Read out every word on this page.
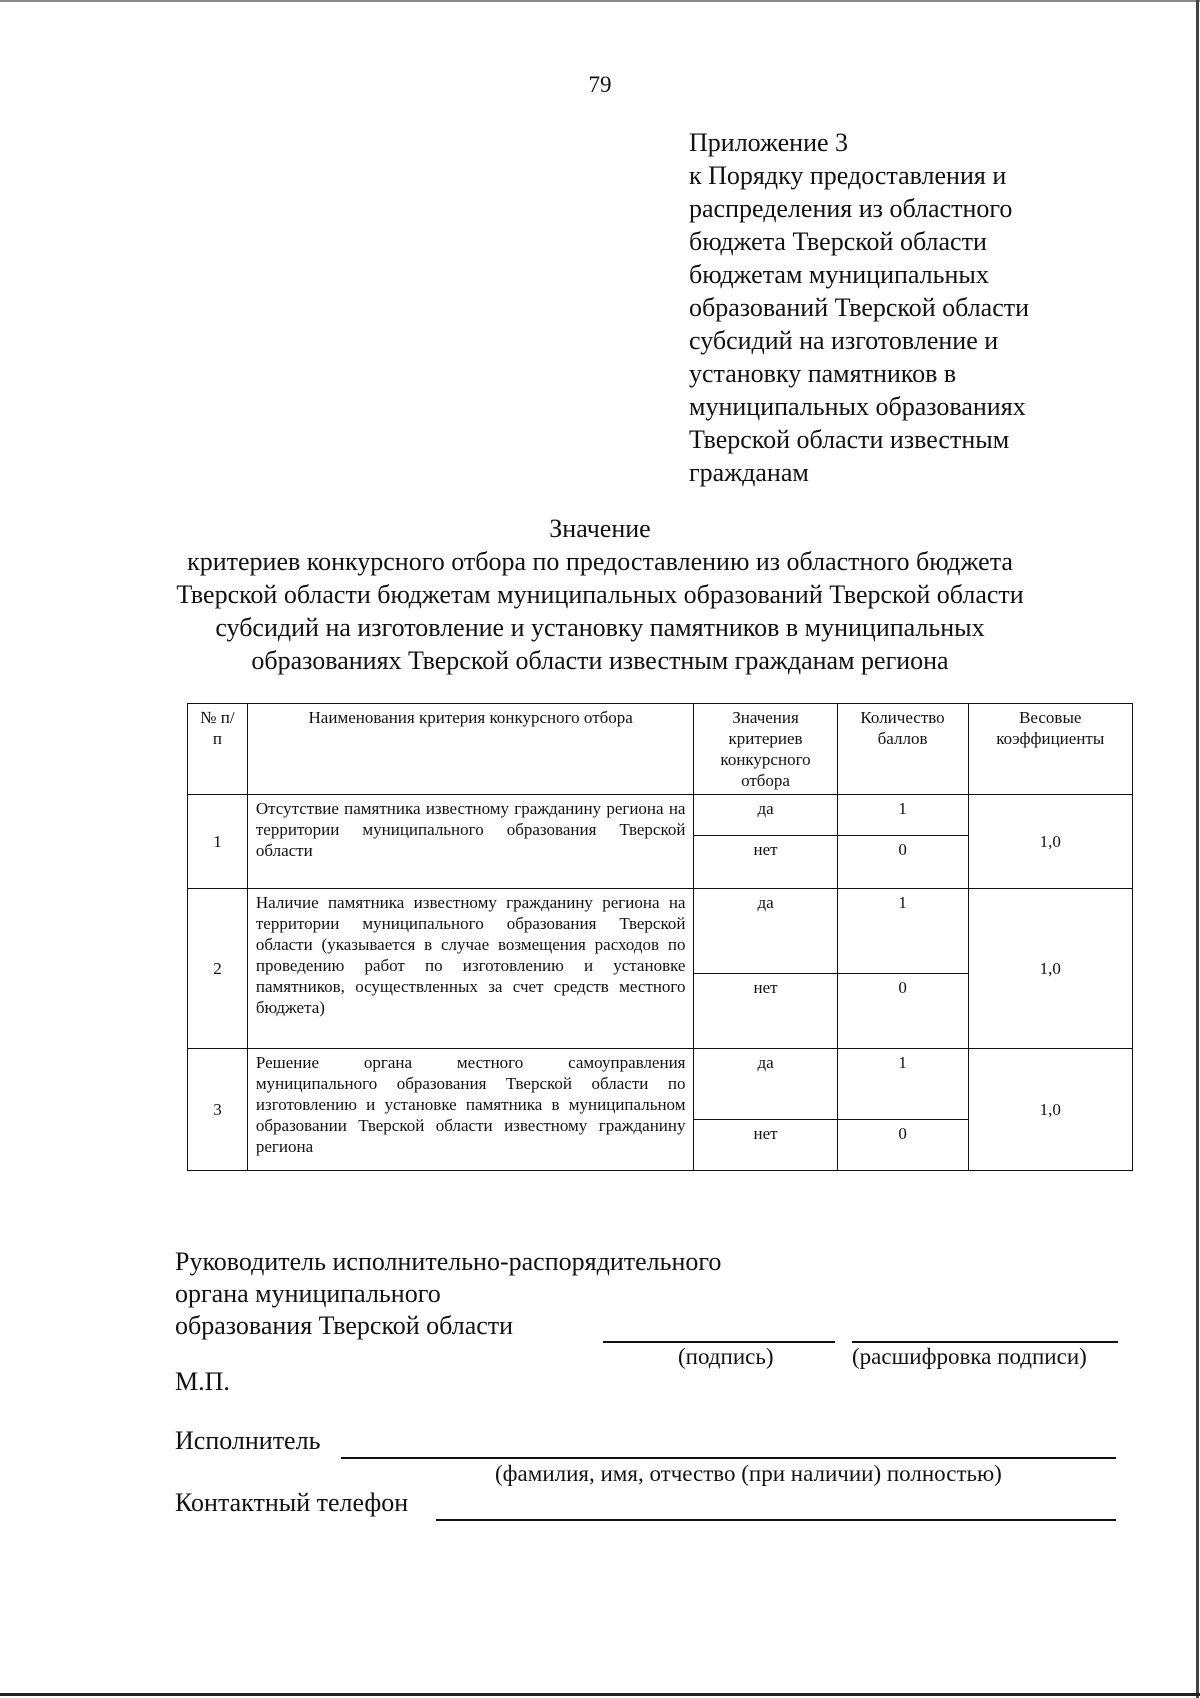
79
Приложение 3
к Порядку предоставления и
распределения из областного
бюджета Тверской области
бюджетам муниципальных
образований Тверской области
субсидий на изготовление и
установку памятников в
муниципальных образованиях
Тверской области известным
гражданам
Значение
критериев конкурсного отбора по предоставлению из областного бюджета
Тверской области бюджетам муниципальных образований Тверской области
субсидий на изготовление и установку памятников в муниципальных
образованиях Тверской области известным гражданам региона
№ п/п	Наименования критерия конкурсного отбора	Значения критериев конкурсного отбора	Количество баллов	Весовые коэффициенты
1	Отсутствие памятника известному гражданину региона на территории муниципального образования Тверской области	да	1	1,0
		нет	0	
2	Наличие памятника известному гражданину региона на территории муниципального образования Тверской области (указывается в случае возмещения расходов по проведению работ по изготовлению и установке памятников, осуществленных за счет средств местного бюджета)	да	1	1,0
		нет	0	
3	Решение органа местного самоуправления муниципального образования Тверской области по изготовлению и установке памятника в муниципальном образовании Тверской области известному гражданину региона	да	1	1,0
		нет	0	
Руководитель исполнительно-распорядительного
органа муниципального
образования Тверской области
(подпись)	(расшифровка подписи)
М.П.
Исполнитель
(фамилия, имя, отчество (при наличии) полностью)
Контактный телефон
